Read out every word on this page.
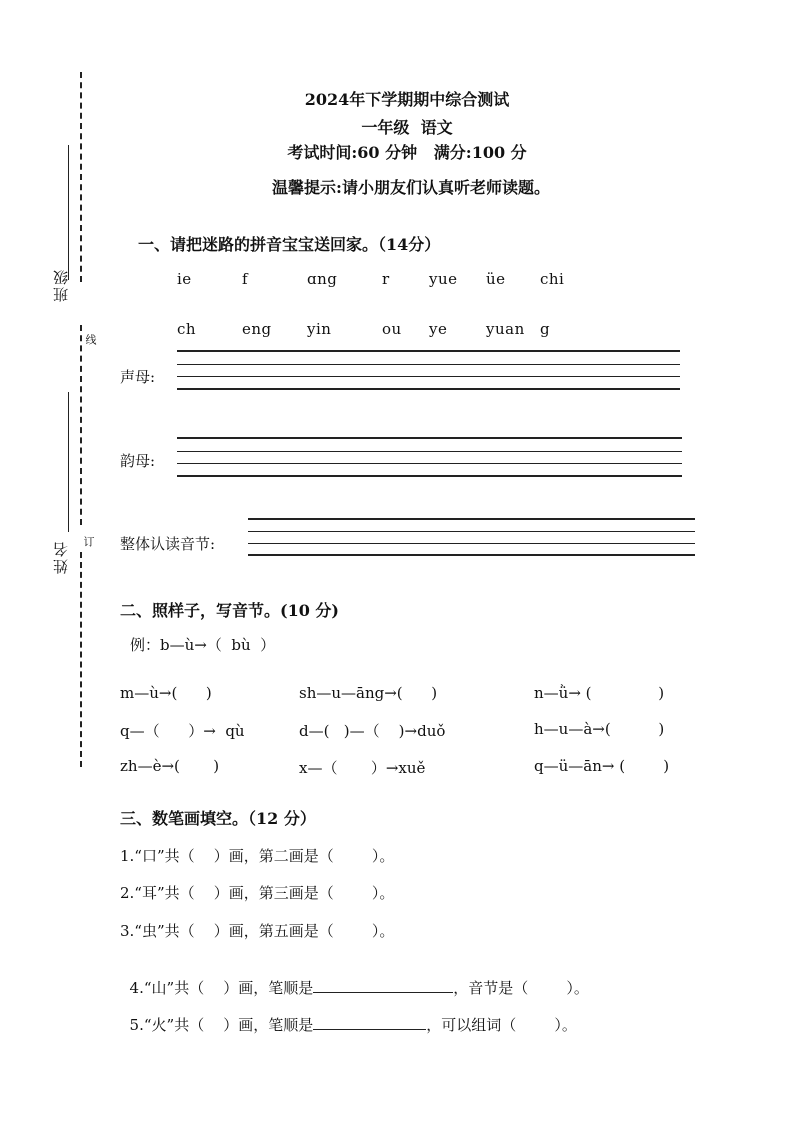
班级
线
姓名 订
2024年下学期期中综合测试
一年级  语文
考试时间:60 分钟   满分:100 分
温馨提示:请小朋友们认真听老师读题。
一、请把迷路的拼音宝宝送回家。（14分）
ie	f	ɑng	r	yue üe chi
ch	eng yin	ou ye	yuan g
声母:
韵母:
整体认读音节:
二、照样子，写音节。(10 分)
例：b—ù→（  bù  ）
m—ù→(      )	sh—u—āng→(      )	n—ǜ→ (              )
q—（      ）→  qù	d—(   )—（    )→duǒ	h—u—à→(          )
zh—è→(       )	x—（       ）→xuě	q—ü—ān→ (        )
三、数笔画填空。（12 分）
1.“口”共（    ）画，第二画是（        ）。
2.“耳”共（    ）画，第三画是（        ）。
3.“虫”共（    ）画，第五画是（        ）。

4.“山”共（    ）画，笔顺是	，音节是（        ）。

5.“火”共（    ）画，笔顺是	，可以组词（        ）。
